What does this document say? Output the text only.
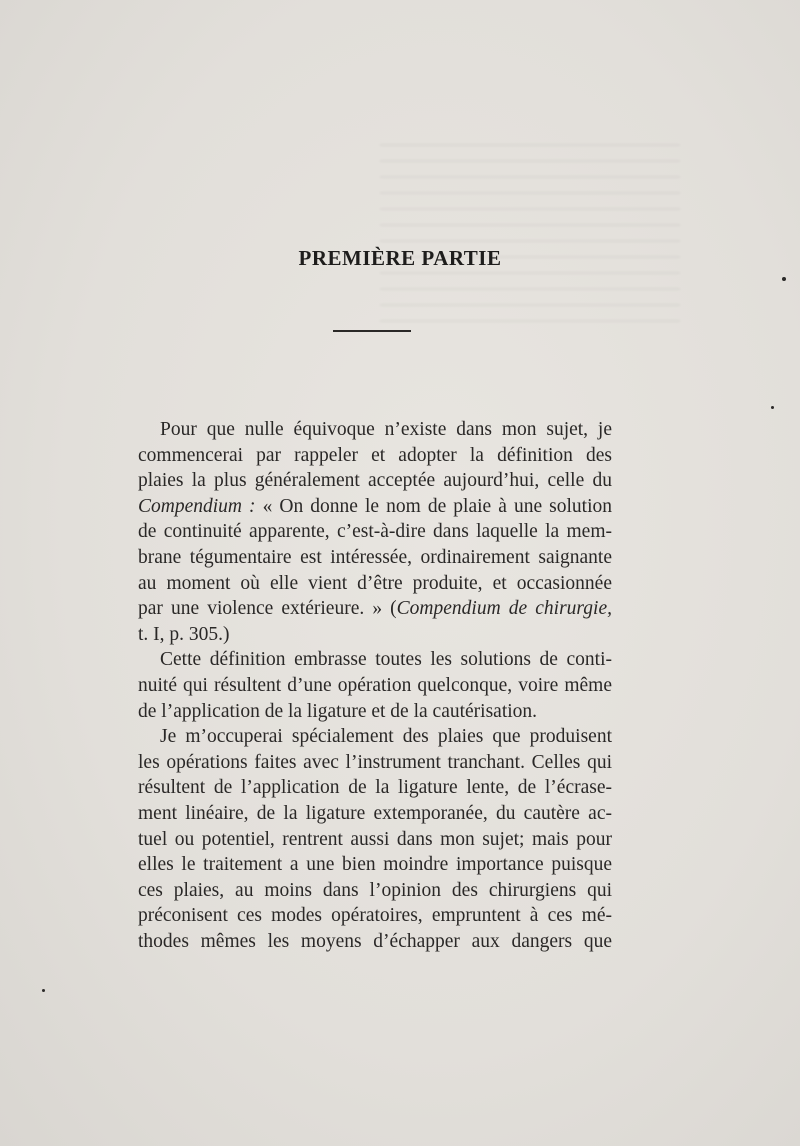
PREMIÈRE PARTIE
Pour que nulle équivoque n’existe dans mon sujet, je
commencerai par rappeler et adopter la définition des
plaies la plus généralement acceptée aujourd’hui, celle du
Compendium : « On donne le nom de plaie à une solution
de continuité apparente, c’est-à-dire dans laquelle la mem-
brane tégumentaire est intéressée, ordinairement saignante
au moment où elle vient d’être produite, et occasionnée
par une violence extérieure. » (Compendium de chirurgie,
t. I, p. 305.)
Cette définition embrasse toutes les solutions de conti-
nuité qui résultent d’une opération quelconque, voire même
de l’application de la ligature et de la cautérisation.
Je m’occuperai spécialement des plaies que produisent
les opérations faites avec l’instrument tranchant. Celles qui
résultent de l’application de la ligature lente, de l’écrase-
ment linéaire, de la ligature extemporanée, du cautère ac-
tuel ou potentiel, rentrent aussi dans mon sujet; mais pour
elles le traitement a une bien moindre importance puisque
ces plaies, au moins dans l’opinion des chirurgiens qui
préconisent ces modes opératoires, empruntent à ces mé-
thodes mêmes les moyens d’échapper aux dangers que
